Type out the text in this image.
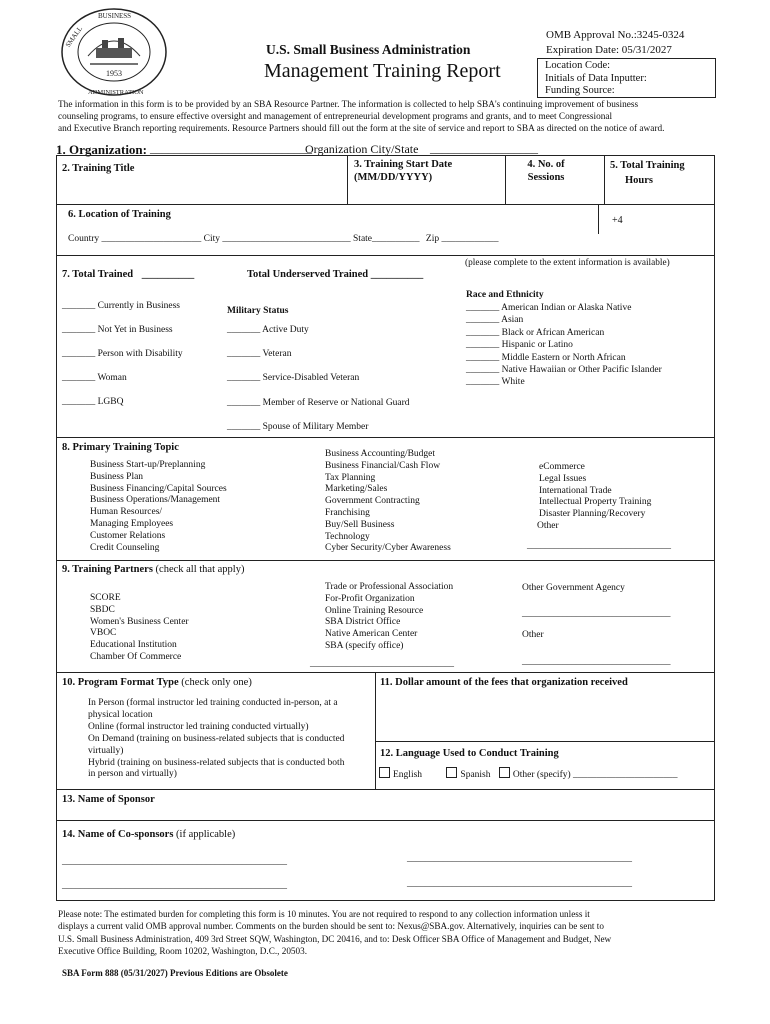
1953
SMALL
BUSINESS
ADMINISTRATION
U.S. Small Business Administration
Management Training Report
OMB Approval No.:3245-0324
Expiration Date: 05/31/2027
Location Code:
Initials of Data Inputter:
Funding Source:
The information in this form is to be provided by an SBA Resource Partner. The information is collected to help SBA's continuing improvement of business
counseling programs, to ensure effective oversight and management of entrepreneurial development programs and grants, and to meet Congressional
and Executive Branch reporting requirements. Resource Partners should fill out the form at the site of service and report to SBA as directed on the notice of award.
1. Organization: ___________________________
Organization City/State __________________
2. Training Title	3. Training Start Date
(MM/DD/YYYY)
4. No. of
Sessions
5. Total Training
Hours
6. Location of Training
+4
Country _____________________ City ___________________________ State__________ Zip ____________
(please complete to the extent information is available)
7. Total Trained __________	Total Underserved Trained __________
_______ Currently in Business
_______ Not Yet in Business
_______ Person with Disability
_______ Woman
_______ LGBQ
Military Status
_______ Active Duty
_______ Veteran
_______ Service-Disabled Veteran
_______ Member of Reserve or National Guard
_______ Spouse of Military Member
Race and Ethnicity
_______ American Indian or Alaska Native
_______ Asian
_______ Black or African American
_______ Hispanic or Latino
_______ Middle Eastern or North African
_______ Native Hawaiian or Other Pacific Islander
_______ White
8. Primary Training Topic
Business Start-up/Preplanning
Business Plan
Business Financing/Capital Sources
Business Operations/Management
Human Resources/
Managing Employees
Customer Relations
Credit Counseling
Business Accounting/Budget
Business Financial/Cash Flow
Tax Planning
Marketing/Sales
Government Contracting
Franchising
Buy/Sell Business
Technology
Cyber Security/Cyber Awareness
eCommerce
Legal Issues
International Trade
Intellectual Property Training
Disaster Planning/Recovery
Other
________________________________
9. Training Partners (check all that apply)
SCORE
SBDC
Women's Business Center
VBOC
Educational Institution
Chamber Of Commerce
Trade or Professional Association
For-Profit Organization
Online Training Resource
SBA District Office
Native American Center
SBA (specify office)
________________________________
Other Government Agency
_________________________________
Other
_________________________________
10. Program Format Type (check only one)
In Person (formal instructor led training conducted in-person, at a
physical location
Online (formal instructor led training conducted virtually)
On Demand (training on business-related subjects that is conducted
virtually)
Hybrid (training on business-related subjects that is conducted both
in person and virtually)
11. Dollar amount of the fees that organization received
12. Language Used to Conduct Training
English	Spanish Other (specify) ______________________
13. Name of Sponsor
14. Name of Co-sponsors (if applicable)
__________________________________________________	__________________________________________________
__________________________________________________	__________________________________________________
Please note: The estimated burden for completing this form is 10 minutes. You are not required to respond to any collection information unless it
displays a current valid OMB approval number. Comments on the burden should be sent to: Nexus@SBA.gov. Alternatively, inquiries can be sent to
U.S. Small Business Administration, 409 3rd Street SQW, Washington, DC 20416, and to: Desk Officer SBA Office of Management and Budget, New
Executive Office Building, Room 10202, Washington, D.C., 20503.
SBA Form 888 (05/31/2027) Previous Editions are Obsolete
